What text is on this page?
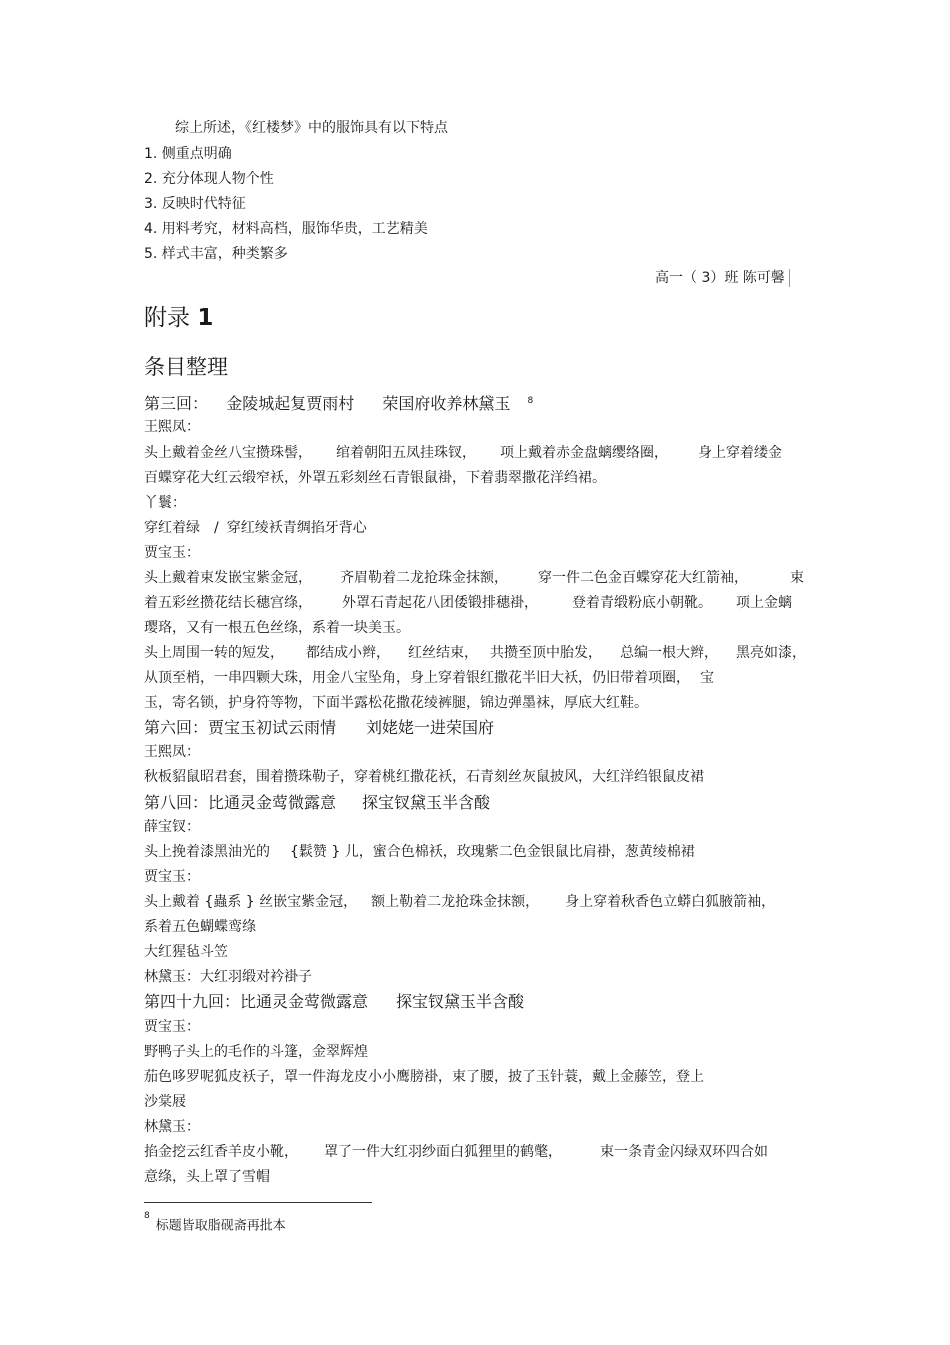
综上所述，《红楼梦》中的服饰具有以下特点
1. 侧重点明确
2. 充分体现人物个性
3. 反映时代特征
4. 用料考究，材料高档，服饰华贵，工艺精美
5. 样式丰富，种类繁多
高一（ 3）班 陈可馨
附录 1
条目整理
第三回： 金陵城起复贾雨村 荣国府收养林黛玉 $^8$
王熙凤：
头上戴着金丝八宝攒珠髻， 绾着朝阳五凤挂珠钗， 项上戴着赤金盘螭缨络圈， 身上穿着缕金
百蝶穿花大红云缎窄袄，外罩五彩刻丝石青银鼠褂，下着翡翠撒花洋绉裙。
丫鬟：
穿红着绿 / 穿红绫袄青绸掐牙背心
贾宝玉：
头上戴着束发嵌宝紫金冠， 齐眉勒着二龙抢珠金抹额， 穿一件二色金百蝶穿花大红箭袖，	束
着五彩丝攒花结长穗宫绦， 外罩石青起花八团倭锻排穗褂， 登着青缎粉底小朝靴。 项上金螭
璎珞，又有一根五色丝绦，系着一块美玉。
头上周围一转的短发， 都结成小辫， 红丝结束， 共攒至顶中胎发， 总编一根大辫， 黑亮如漆，
从顶至梢，一串四颗大珠，用金八宝坠角，身上穿着银红撒花半旧大袄，仍旧带着项圈， 宝
玉，寄名锁，护身符等物，下面半露松花撒花绫裤腿，锦边弹墨袜，厚底大红鞋。
第六回：贾宝玉初试云雨情 刘姥姥一进荣国府
王熙凤：
秋板貂鼠昭君套，围着攒珠勒子，穿着桃红撒花袄，石青刻丝灰鼠披风，大红洋绉银鼠皮裙
第八回：比通灵金莺微露意 探宝钗黛玉半含酸
薛宝钗：
头上挽着漆黑油光的 {鬏赞 } 儿，蜜合色棉袄，玫瑰紫二色金银鼠比肩褂，葱黄绫棉裙
贾宝玉：
头上戴着 {蟲系 } 丝嵌宝紫金冠， 额上勒着二龙抢珠金抹额， 身上穿着秋香色立蟒白狐腋箭袖，
系着五色蝴蝶鸾绦
大红猩毡斗笠
林黛玉：大红羽缎对衿褂子
第四十九回：比通灵金莺微露意 探宝钗黛玉半含酸
贾宝玉：
野鸭子头上的毛作的斗篷，金翠辉煌
茄色哆罗呢狐皮袄子，罩一件海龙皮小小鹰膀褂，束了腰，披了玉针蓑，戴上金藤笠，登上
沙棠屐
林黛玉：
掐金挖云红香羊皮小靴， 罩了一件大红羽纱面白狐狸里的鹤氅，	束一条青金闪绿双环四合如
意绦，头上罩了雪帽
$^8$标题皆取脂砚斋再批本
